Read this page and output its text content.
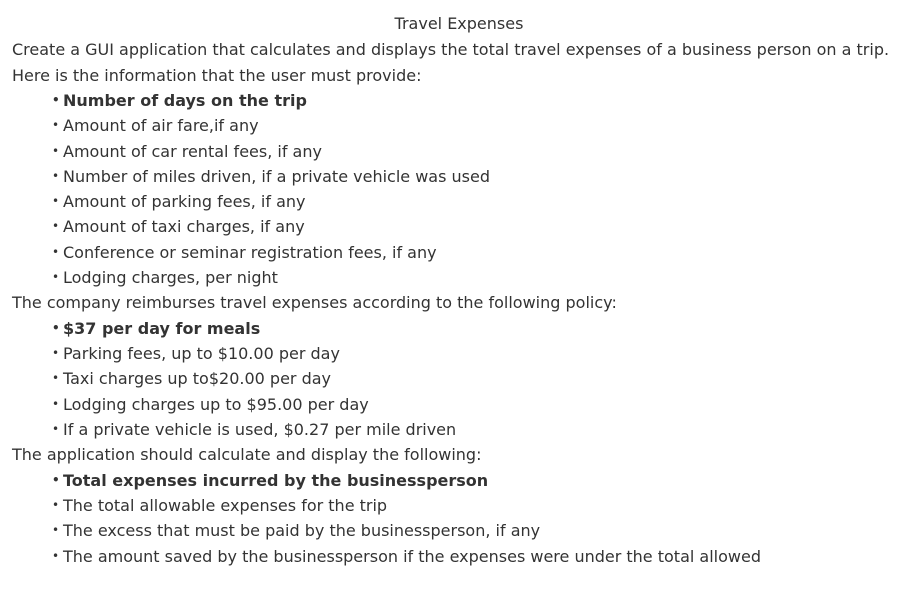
Travel Expenses

Create a GUI application that calculates and displays the total travel expenses of a business person on a trip. Here is the information that the user must provide:

• Number of days on the trip
• Amount of air fare,if any
• Amount of car rental fees, if any
• Number of miles driven, if a private vehicle was used
• Amount of parking fees, if any
• Amount of taxi charges, if any
• Conference or seminar registration fees, if any
• Lodging charges, per night

The company reimburses travel expenses according to the following policy:

• $37 per day for meals
• Parking fees, up to $10.00 per day
• Taxi charges up to$20.00 per day
• Lodging charges up to $95.00 per day
• If a private vehicle is used, $0.27 per mile driven

The application should calculate and display the following:

• Total expenses incurred by the businessperson
• The total allowable expenses for the trip
• The excess that must be paid by the businessperson, if any
• The amount saved by the businessperson if the expenses were under the total allowed
